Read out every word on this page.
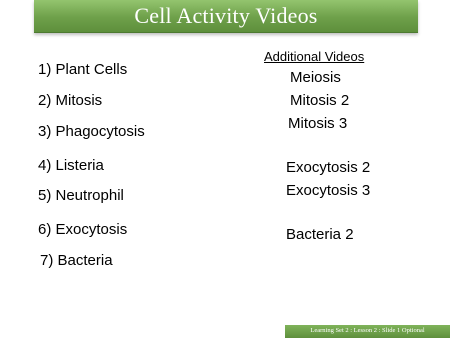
Cell Activity Videos
1) Plant Cells
2) Mitosis
3) Phagocytosis
4) Listeria
5) Neutrophil
6) Exocytosis
7) Bacteria
Additional Videos
Meiosis
Mitosis 2
Mitosis 3
Exocytosis 2
Exocytosis 3
Bacteria 2
Learning Set 2 : Lesson 2 : Slide 1 Optional
